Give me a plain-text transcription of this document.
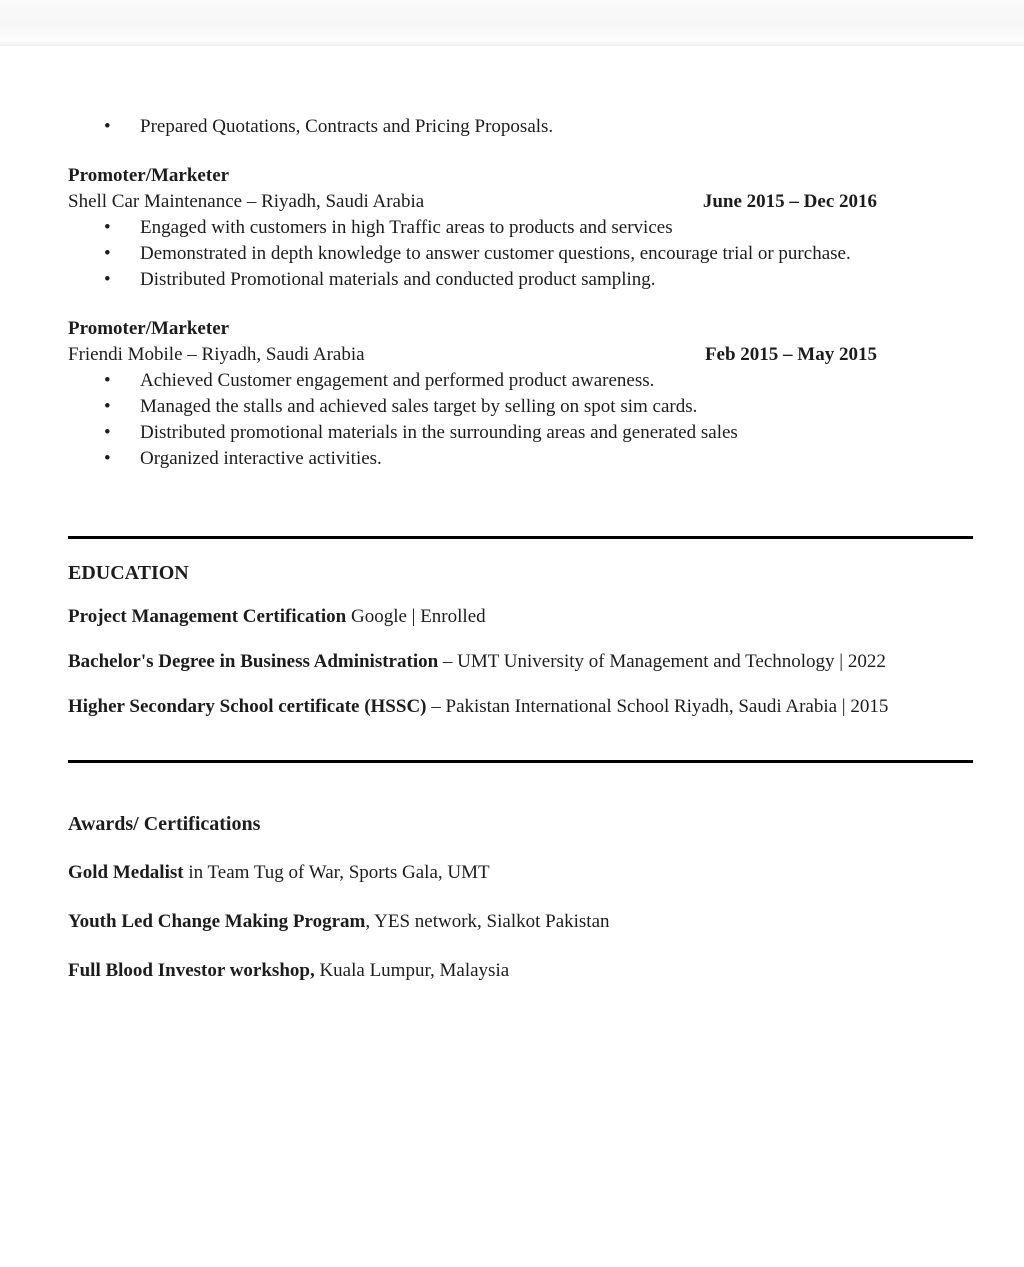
• Prepared Quotations, Contracts and Pricing Proposals.

Promoter/Marketer

Shell Car Maintenance – Riyadh, Saudi Arabia	June 2015 – Dec 2016
• Engaged with customers in high Traffic areas to products and services
• Demonstrated in depth knowledge to answer customer questions, encourage trial or purchase.
• Distributed Promotional materials and conducted product sampling.

Promoter/Marketer

Friendi Mobile – Riyadh, Saudi Arabia	Feb 2015 – May 2015
• Achieved Customer engagement and performed product awareness.
• Managed the stalls and achieved sales target by selling on spot sim cards.
• Distributed promotional materials in the surrounding areas and generated sales
• Organized interactive activities.

EDUCATION

Project Management Certification Google | Enrolled

Bachelor's Degree in Business Administration – UMT University of Management and Technology | 2022

Higher Secondary School certificate (HSSC) – Pakistan International School Riyadh, Saudi Arabia | 2015

Awards/ Certifications

Gold Medalist in Team Tug of War, Sports Gala, UMT

Youth Led Change Making Program, YES network, Sialkot Pakistan

Full Blood Investor workshop, Kuala Lumpur, Malaysia
